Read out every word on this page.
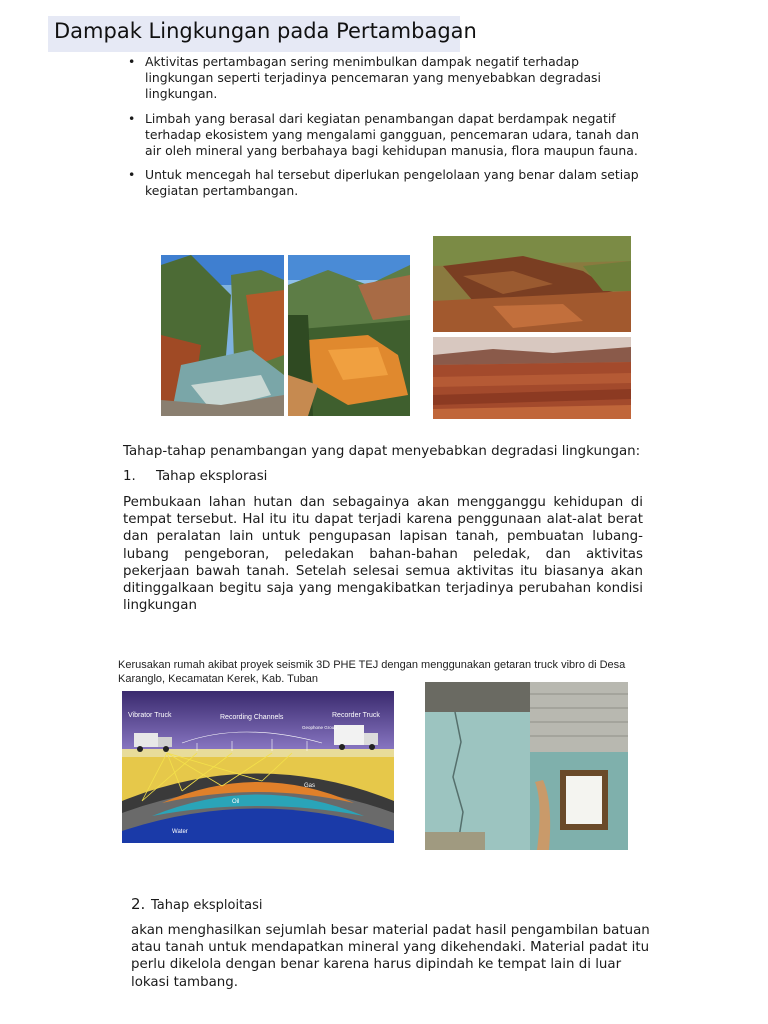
Dampak Lingkungan pada Pertambagan
• Aktivitas pertambagan sering menimbulkan dampak negatif terhadap lingkungan seperti terjadinya pencemaran yang menyebabkan degradasi lingkungan.
• Limbah yang berasal dari kegiatan penambangan dapat berdampak negatif terhadap ekosistem yang mengalami gangguan, pencemaran udara, tanah dan air oleh mineral yang berbahaya bagi kehidupan manusia, flora maupun fauna.
• Untuk mencegah hal tersebut diperlukan pengelolaan yang benar dalam setiap kegiatan pertambangan.
Tahap-tahap penambangan yang dapat menyebabkan degradasi lingkungan:
1. Tahap eksplorasi
Pembukaan lahan hutan dan sebagainya akan mengganggu kehidupan di tempat tersebut. Hal itu itu dapat terjadi karena penggunaan alat-alat berat dan peralatan lain untuk pengupasan lapisan tanah, pembuatan lubang-lubang pengeboran, peledakan bahan-bahan peledak, dan aktivitas pekerjaan bawah tanah. Setelah selesai semua aktivitas itu biasanya akan ditinggalkaan begitu saja yang mengakibatkan terjadinya perubahan kondisi lingkungan
Kerusakan rumah akibat proyek seismik 3D PHE TEJ dengan menggunakan getaran truck vibro di Desa Karanglo, Kecamatan Kerek, Kab. Tuban
Vibrator Truck	Recording Channels
Geophone Group
Recorder Truck
Gas
Oil
Water
2. Tahap eksploitasi
akan menghasilkan sejumlah besar material padat hasil pengambilan batuan atau tanah untuk mendapatkan mineral yang dikehendaki. Material padat itu perlu dikelola dengan benar karena harus dipindah ke tempat lain di luar lokasi tambang.
